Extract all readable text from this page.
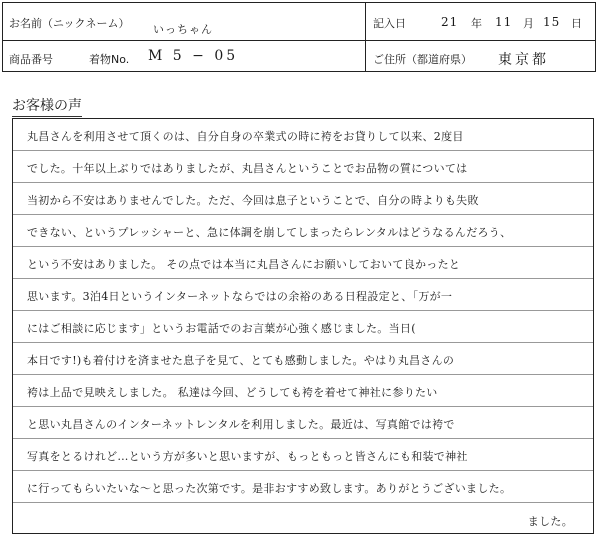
お名前（ニックネーム） いっちゃん	記入日	21 年 11 月 15 日
商品番号	着物No. M 5 − 05	ご住所（都道府県） 東京都
お客様の声
丸昌さんを利用させて頂くのは、自分自身の卒業式の時に袴をお貸りして以来、2度目
でした。十年以上ぶりではありましたが、丸昌さんということでお品物の質については
当初から不安はありませんでした。ただ、今回は息子ということで、自分の時よりも失敗
できない、というプレッシャーと、急に体調を崩してしまったらレンタルはどうなるんだろう、
という不安はありました。 その点では本当に丸昌さんにお願いしておいて良かったと
思います。3泊4日というインターネットならではの余裕のある日程設定と、「万が一
にはご相談に応じます」というお電話でのお言葉が心強く感じました。当日(
本日です!)も着付けを済ませた息子を見て、とても感動しました。やはり丸昌さんの
袴は上品で見映えしました。 私達は今回、どうしても袴を着せて神社に参りたい
と思い丸昌さんのインターネットレンタルを利用しました。最近は、写真館では袴で
写真をとるけれど…という方が多いと思いますが、もっともっと皆さんにも和装で神社
に行ってもらいたいな〜と思った次第です。是非おすすめ致します。ありがとうございました。
ました。
